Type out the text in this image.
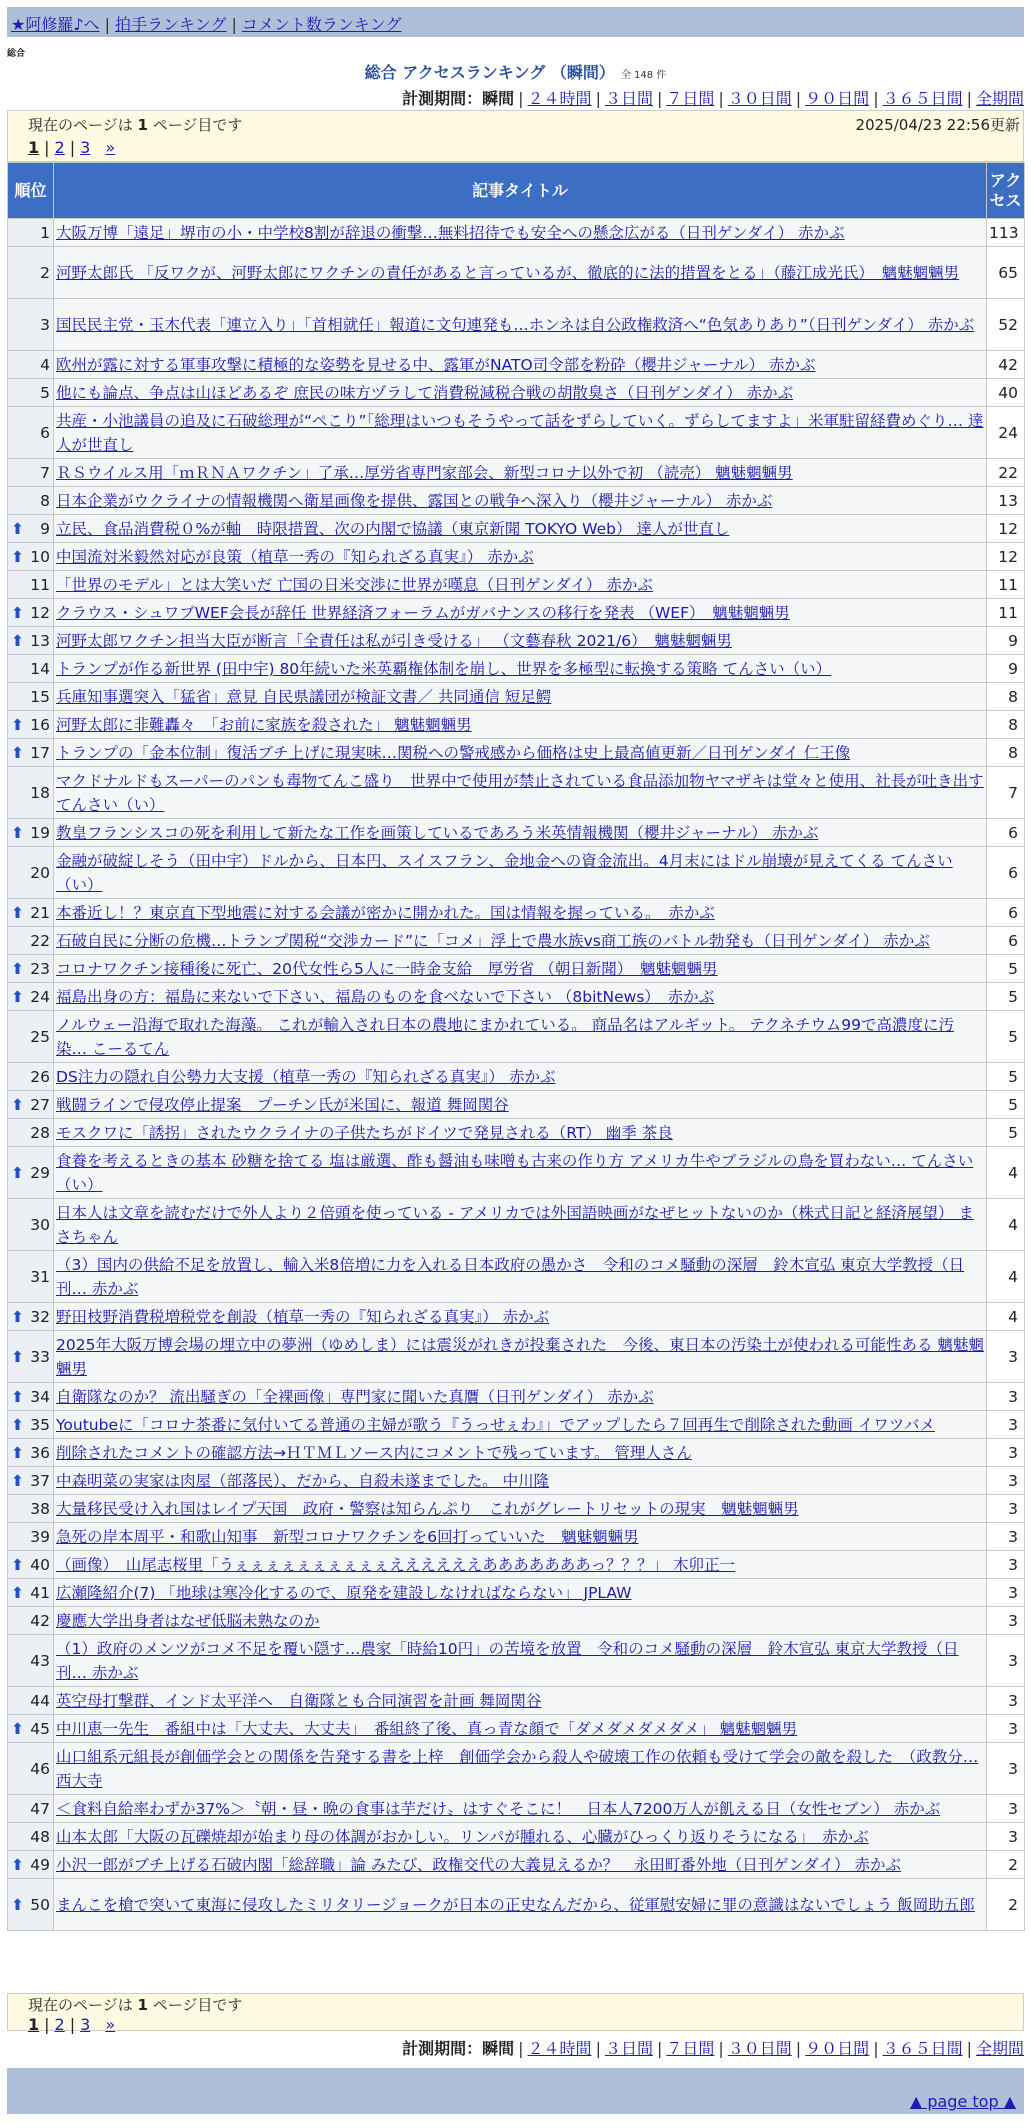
★阿修羅♪へ | 拍手ランキング | コメント数ランキング
総合
総合 アクセスランキング （瞬間） 全 148 件
計測期間：瞬間 | ２４時間 | ３日間 | ７日間 | ３０日間 | ９０日間 | ３６５日間 | 全期間
現在のページは 1 ページ目です
1 | 2 | 3 »
2025/04/23 22:56更新
順位	記事タイトル	アクセス
1	大阪万博「遠足」堺市の小・中学校8割が辞退の衝撃…無料招待でも安全への懸念広がる（日刊ゲンダイ） 赤かぶ	113
2	河野太郎氏 「反ワクが、河野太郎にワクチンの責任があると言っているが、徹底的に法的措置をとる」（藤江成光氏）　魑魅魍魎男	65
3	国民民主党・玉木代表「連立入り」「首相就任」報道に文句連発も…ホンネは自公政権救済へ“色気ありあり”（日刊ゲンダイ） 赤かぶ	52
4	欧州が露に対する軍事攻撃に積極的な姿勢を見せる中、露軍がNATO司令部を粉砕（櫻井ジャーナル） 赤かぶ	42
5	他にも論点、争点は山ほどあるぞ 庶民の味方ヅラして消費税減税合戦の胡散臭さ（日刊ゲンダイ） 赤かぶ	40
6	共産・小池議員の追及に石破総理が“ぺこり”「総理はいつもそうやって話をずらしていく。ずらしてますよ」米軍駐留経費めぐり… 達人が世直し	24
7	ＲＳウイルス用「ｍＲＮＡワクチン」了承…厚労省専門家部会、新型コロナ以外で初 （読売） 魑魅魍魎男	22
8	日本企業がウクライナの情報機関へ衛星画像を提供、露国との戦争へ深入り（櫻井ジャーナル） 赤かぶ	13

⬆ 9	立民、食品消費税０%が軸　時限措置、次の内閣で協議（東京新聞 TOKYO Web） 達人が世直し	12

⬆ 10	中国流対米毅然対応が良策（植草一秀の『知られざる真実』） 赤かぶ	12
11	「世界のモデル」とは大笑いだ 亡国の日米交渉に世界が嘆息（日刊ゲンダイ） 赤かぶ	11

⬆ 12	クラウス・シュワブWEF会長が辞任 世界経済フォーラムがガバナンスの移行を発表 （WEF）　魑魅魍魎男	11

⬆ 13	河野太郎ワクチン担当大臣が断言「全責任は私が引き受ける」 （文藝春秋 2021/6）　魑魅魍魎男	9
14	トランプが作る新世界 (田中宇) 80年続いた米英覇権体制を崩し、世界を多極型に転換する策略 てんさい（い）	9
15	兵庫知事選突入「猛省」意見 自民県議団が検証文書／ 共同通信 短足鰐	8

⬆ 16	河野太郎に非難轟々　「お前に家族を殺された」 魑魅魍魎男	8

⬆ 17	トランプの「金本位制」復活ブチ上げに現実味…関税への警戒感から価格は史上最高値更新／日刊ゲンダイ 仁王像	8
18	マクドナルドもスーパーのパンも毒物てんこ盛り　世界中で使用が禁止されている食品添加物ヤマザキは堂々と使用、社長が吐き出す てんさい（い）	7

⬆ 19	教皇フランシスコの死を利用して新たな工作を画策しているであろう米英情報機関（櫻井ジャーナル） 赤かぶ	6
20	金融が破綻しそう（田中宇）ドルから、日本円、スイスフラン、金地金への資金流出。4月末にはドル崩壊が見えてくる てんさい（い）	6

⬆ 21	本番近し！？東京直下型地震に対する会議が密かに開かれた。国は情報を握っている。　赤かぶ	6
22	石破自民に分断の危機…トランプ関税“交渉カード”に「コメ」浮上で農水族vs商工族のバトル勃発も（日刊ゲンダイ） 赤かぶ	6

⬆ 23	コロナワクチン接種後に死亡、20代女性ら5人に一時金支給　厚労省 （朝日新聞）　魑魅魍魎男	5

⬆ 24	福島出身の方：福島に来ないで下さい、福島のものを食べないで下さい （8bitNews）　赤かぶ	5
25	ノルウェー沿海で取れた海藻。 これが輸入され日本の農地にまかれている。 商品名はアルギット。 テクネチウム99で高濃度に汚染… こーるてん	5
26	DS注力の隠れ自公勢力大支援（植草一秀の『知られざる真実』） 赤かぶ	5

⬆ 27	戦闘ラインで侵攻停止提案　プーチン氏が米国に、報道 舞岡関谷	5
28	モスクワに「誘拐」されたウクライナの子供たちがドイツで発見される（RT） 幽季 茶良	5

⬆ 29	食養を考えるときの基本 砂糖を捨てる 塩は厳選、酢も醤油も味噌も古来の作り方 アメリカ牛やブラジルの鳥を買わない… てんさい（い）	4
30	日本人は文章を読むだけで外人より２倍頭を使っている - アメリカでは外国語映画がなぜヒットないのか（株式日記と経済展望） まさちゃん	4
31	（3）国内の供給不足を放置し、輸入米8倍増に力を入れる日本政府の愚かさ　令和のコメ騒動の深層　鈴木宣弘 東京大学教授（日刊… 赤かぶ	4

⬆ 32	野田枝野消費税増税党を創設（植草一秀の『知られざる真実』） 赤かぶ	4

⬆ 33	2025年大阪万博会場の埋立中の夢洲（ゆめしま）には震災がれきが投棄された　今後、東日本の汚染土が使われる可能性ある 魑魅魍魎男	3

⬆ 34	自衛隊なのか？ 流出騒ぎの「全裸画像」専門家に聞いた真贋（日刊ゲンダイ） 赤かぶ	3

⬆ 35	Youtubeに「コロナ茶番に気付いてる普通の主婦が歌う『うっせぇわ』」でアップしたら７回再生で削除された動画 イワツバメ	3

⬆ 36	削除されたコメントの確認方法→ＨＴＭＬソース内にコメントで残っています。 管理人さん	3

⬆ 37	中森明菜の実家は肉屋（部落民）、だから、自殺未遂までした。 中川隆	3
38	大量移民受け入れ国はレイプ天国　政府・警察は知らんぷり　これがグレートリセットの現実　魑魅魍魎男	3
39	急死の岸本周平・和歌山知事　新型コロナワクチンを6回打っていいた　魑魅魍魎男	3

⬆ 40	（画像）　山尾志桜里「うぇぇぇぇぇぇぇぇぇぇええええええあああああああっ？？？」 木卯正一	3

⬆ 41	広瀬隆紹介(7) 「地球は寒冷化するので、原発を建設しなければならない」 JPLAW	3
42	慶應大学出身者はなぜ低脳未熟なのか	3
43	（1）政府のメンツがコメ不足を覆い隠す…農家「時給10円」の苦境を放置　令和のコメ騒動の深層　鈴木宣弘 東京大学教授（日刊… 赤かぶ	3
44	英空母打撃群、インド太平洋へ　自衛隊とも合同演習を計画 舞岡関谷	3

⬆ 45	中川恵一先生　番組中は「大丈夫、大丈夫」　番組終了後、真っ青な顔で「ダメダメダメダメ」 魑魅魍魎男	3
46	山口組系元組長が創価学会との関係を告発する書を上梓　創価学会から殺人や破壊工作の依頼も受けて学会の敵を殺した　（政教分… 西大寺	3
47	＜食料自給率わずか37%＞〝朝・昼・晩の食事は芋だけ〟はすぐそこに！　日本人7200万人が飢える日（女性セブン） 赤かぶ	3
48	山本太郎「大阪の瓦礫焼却が始まり母の体調がおかしい。リンパが腫れる、心臓がひっくり返りそうになる」　赤かぶ	3

⬆ 49	小沢一郎がブチ上げる石破内閣「総辞職」論 みたび、政権交代の大義見えるか？　永田町番外地（日刊ゲンダイ） 赤かぶ	2

⬆ 50	まんこを槍で突いて東海に侵攻したミリタリージョークが日本の正史なんだから、従軍慰安婦に罪の意識はないでしょう 飯岡助五郎	2
現在のページは 1 ページ目です
1 | 2 | 3 »
計測期間：瞬間 | ２４時間 | ３日間 | ７日間 | ３０日間 | ９０日間 | ３６５日間 | 全期間
▲ page top ▲
